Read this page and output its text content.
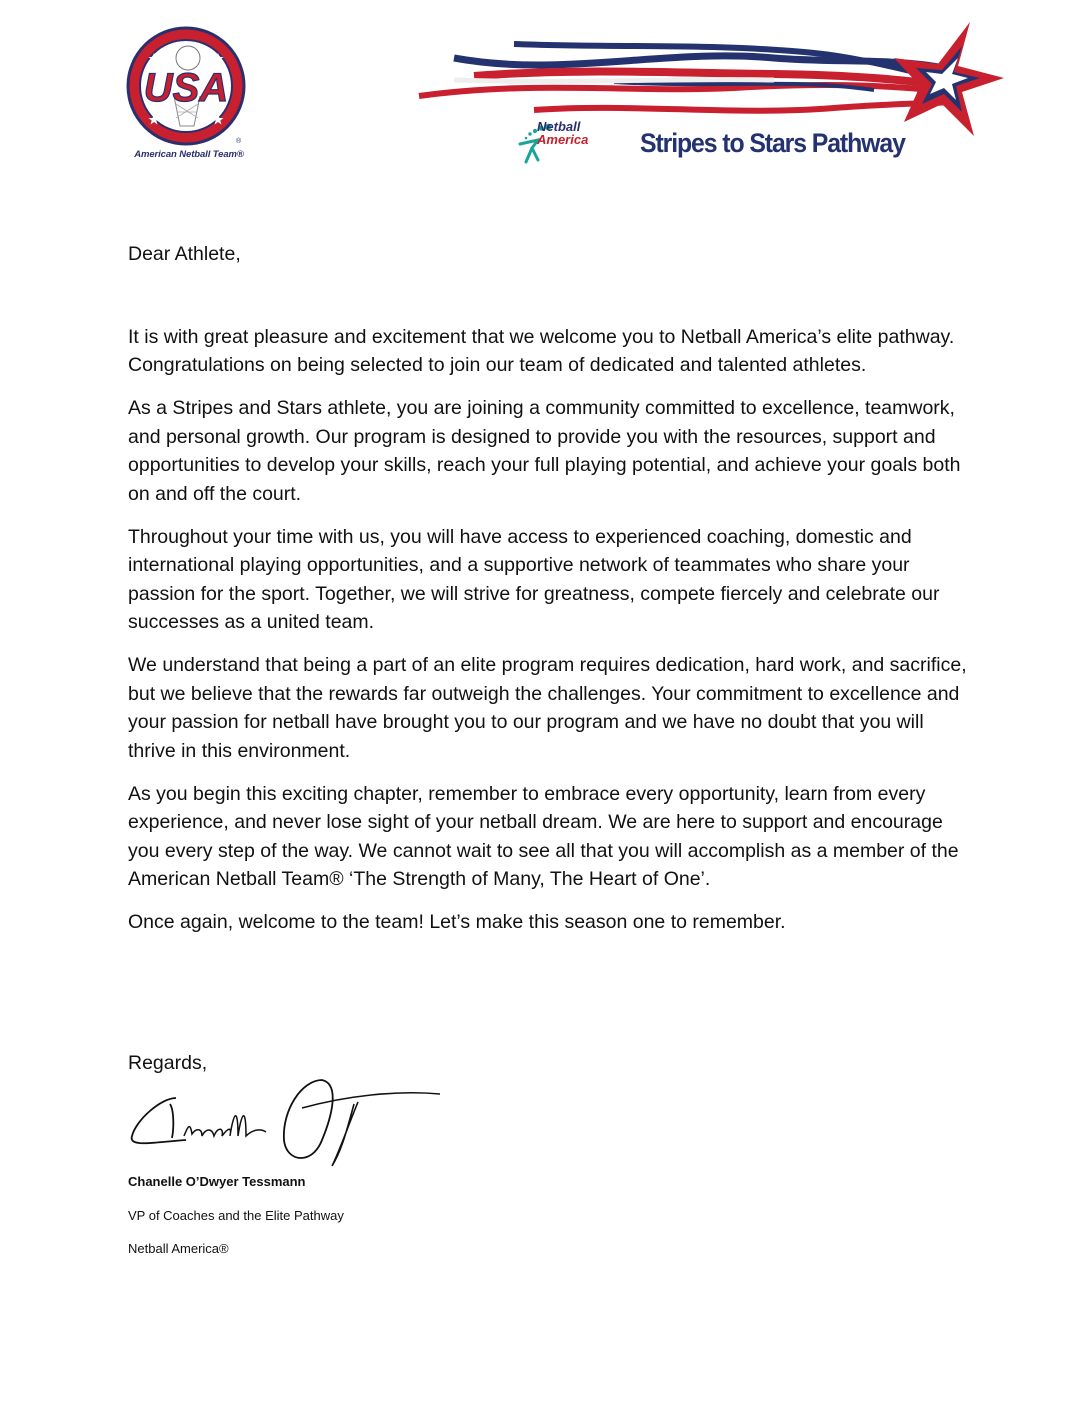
USA
®
American Netball Team®
Netball
America Stripes to Stars Pathway

Dear Athlete,

It is with great pleasure and excitement that we welcome you to Netball America’s elite pathway. Congratulations on being selected to join our team of dedicated and talented athletes.

As a Stripes and Stars athlete, you are joining a community committed to excellence, teamwork, and personal growth. Our program is designed to provide you with the resources, support and opportunities to develop your skills, reach your full playing potential, and achieve your goals both on and off the court.

Throughout your time with us, you will have access to experienced coaching, domestic and international playing opportunities, and a supportive network of teammates who share your passion for the sport. Together, we will strive for greatness, compete fiercely and celebrate our successes as a united team.

We understand that being a part of an elite program requires dedication, hard work, and sacrifice, but we believe that the rewards far outweigh the challenges. Your commitment to excellence and your passion for netball have brought you to our program and we have no doubt that you will thrive in this environment.

As you begin this exciting chapter, remember to embrace every opportunity, learn from every experience, and never lose sight of your netball dream. We are here to support and encourage you every step of the way. We cannot wait to see all that you will accomplish as a member of the American Netball Team® ‘The Strength of Many, The Heart of One’.

Once again, welcome to the team! Let’s make this season one to remember.

Regards,
Chanelle O’Dwyer Tessmann
VP of Coaches and the Elite Pathway
Netball America®
